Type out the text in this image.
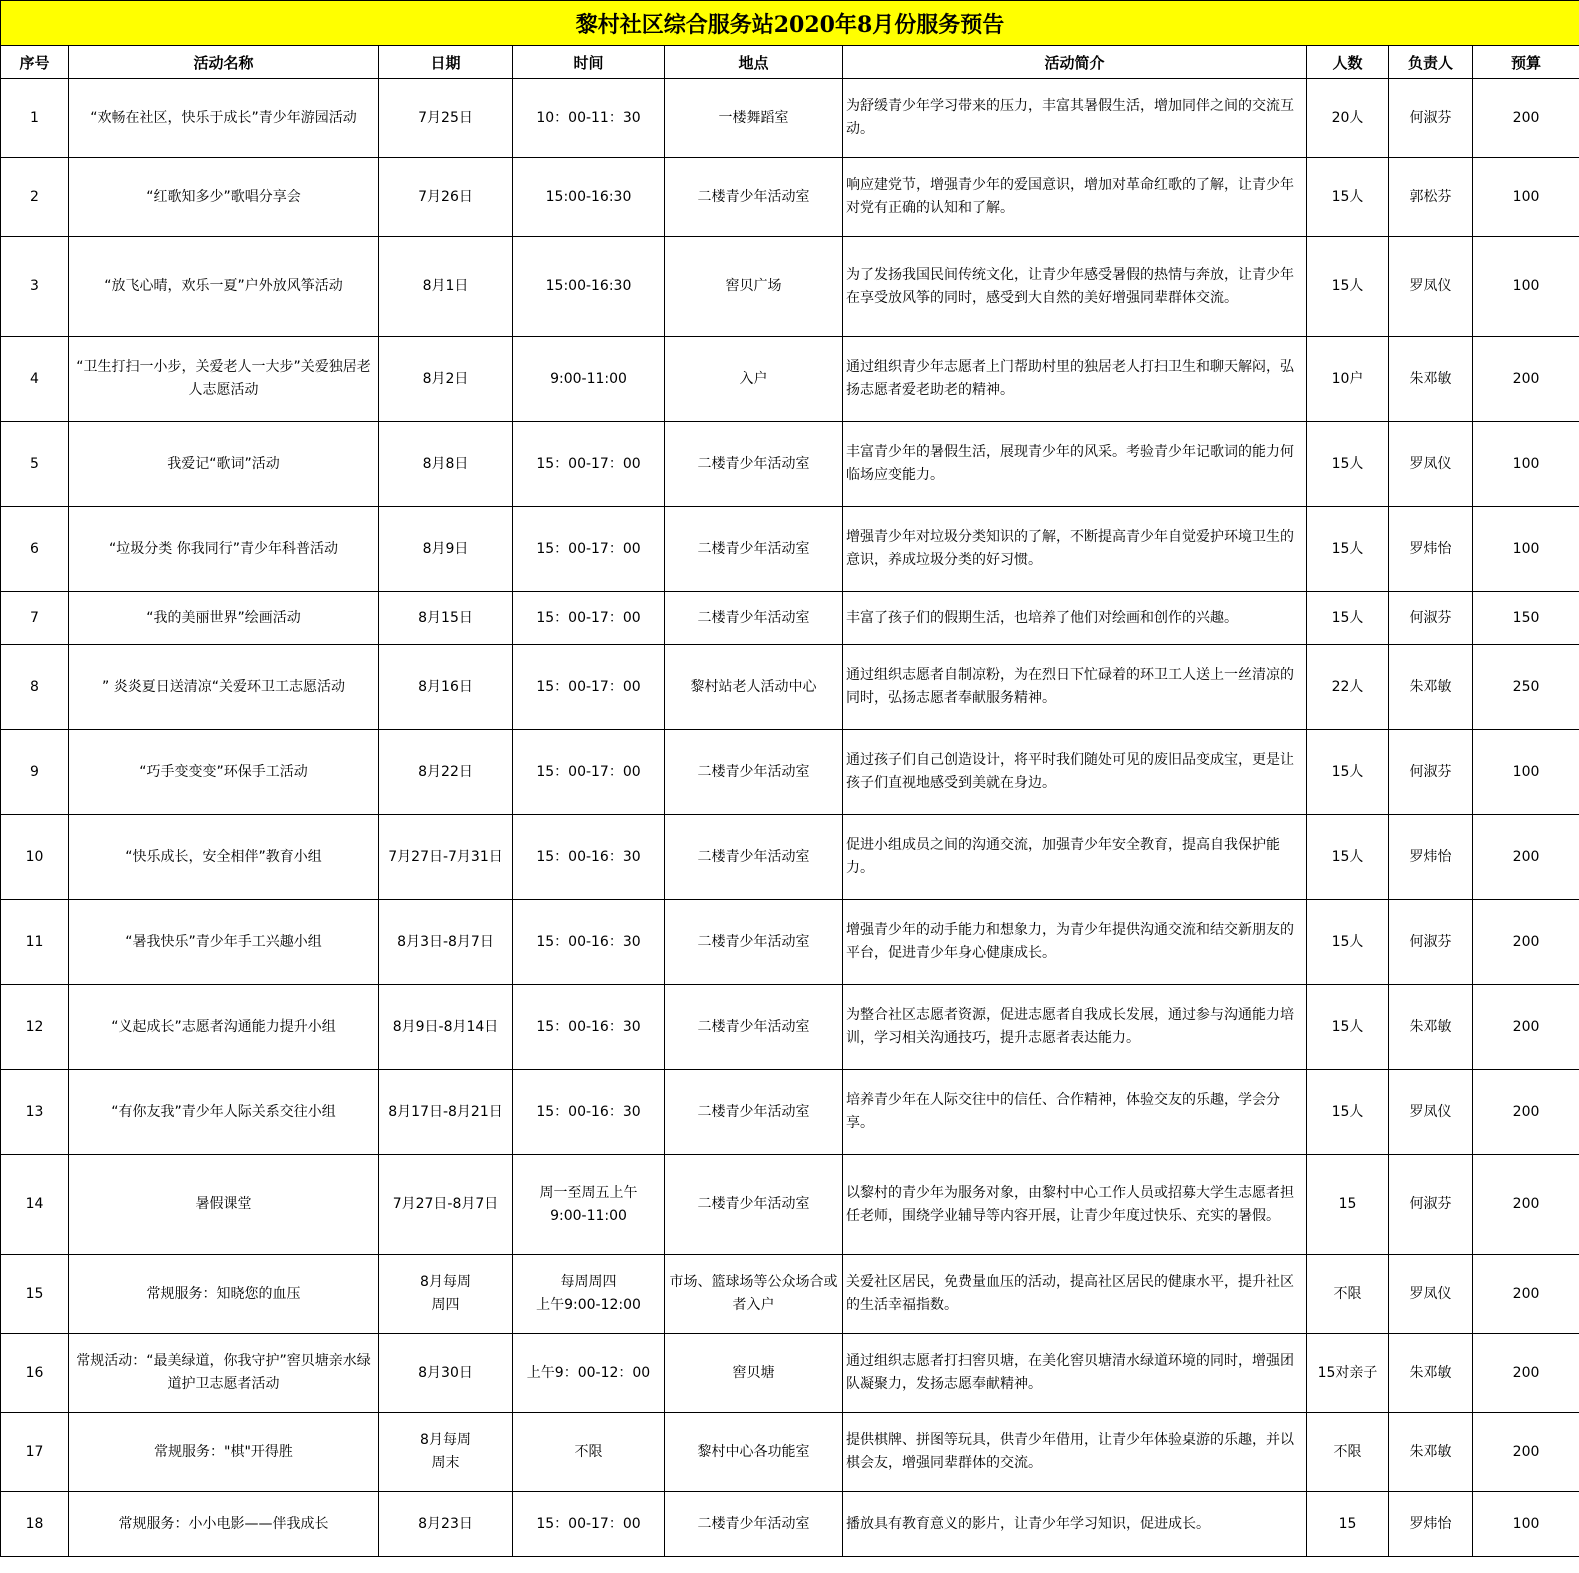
黎村社区综合服务站2020年8月份服务预告								
序号	活动名称	日期	时间	地点	活动简介	人数	负责人	预算
1	“欢畅在社区，快乐于成长”青少年游园活动	7月25日	10：00-11：30	一楼舞蹈室	为舒缓青少年学习带来的压力，丰富其暑假生活，增加同伴之间的交流互动。	20人	何淑芬	200
2	“红歌知多少”歌唱分享会	7月26日	15:00-16:30	二楼青少年活动室	响应建党节，增强青少年的爱国意识，增加对革命红歌的了解，让青少年对党有正确的认知和了解。	15人	郭松芬	100
3	“放飞心晴，欢乐一夏”户外放风筝活动	8月1日	15:00-16:30	窖贝广场	为了发扬我国民间传统文化，让青少年感受暑假的热情与奔放，让青少年在享受放风筝的同时，感受到大自然的美好增强同辈群体交流。	15人	罗凤仪	100
4	“卫生打扫一小步，关爱老人一大步”关爱独居老人志愿活动	8月2日	9:00-11:00	入户	通过组织青少年志愿者上门帮助村里的独居老人打扫卫生和聊天解闷，弘扬志愿者爱老助老的精神。	10户	朱邓敏	200
5	我爱记“歌词”活动	8月8日	15：00-17：00	二楼青少年活动室	丰富青少年的暑假生活，展现青少年的风采。考验青少年记歌词的能力何临场应变能力。	15人	罗凤仪	100
6	“垃圾分类 你我同行”青少年科普活动	8月9日	15：00-17：00	二楼青少年活动室	增强青少年对垃圾分类知识的了解，不断提高青少年自觉爱护环境卫生的意识，养成垃圾分类的好习惯。	15人	罗炜怡	100
7	“我的美丽世界”绘画活动	8月15日	15：00-17：00	二楼青少年活动室	丰富了孩子们的假期生活，也培养了他们对绘画和创作的兴趣。	15人	何淑芬	150
8	” 炎炎夏日送清凉“关爱环卫工志愿活动	8月16日	15：00-17：00	黎村站老人活动中心	通过组织志愿者自制凉粉，为在烈日下忙碌着的环卫工人送上一丝清凉的同时，弘扬志愿者奉献服务精神。	22人	朱邓敏	250
9	“巧手变变变”环保手工活动	8月22日	15：00-17：00	二楼青少年活动室	通过孩子们自己创造设计，将平时我们随处可见的废旧品变成宝，更是让孩子们直视地感受到美就在身边。	15人	何淑芬	100
10	“快乐成长，安全相伴”教育小组	7月27日-7月31日	15：00-16：30	二楼青少年活动室	促进小组成员之间的沟通交流，加强青少年安全教育，提高自我保护能力。	15人	罗炜怡	200
11	“暑我快乐”青少年手工兴趣小组	8月3日-8月7日	15：00-16：30	二楼青少年活动室	增强青少年的动手能力和想象力，为青少年提供沟通交流和结交新朋友的平台，促进青少年身心健康成长。	15人	何淑芬	200
12	“义起成长”志愿者沟通能力提升小组	8月9日-8月14日	15：00-16：30	二楼青少年活动室	为整合社区志愿者资源，促进志愿者自我成长发展，通过参与沟通能力培训，学习相关沟通技巧，提升志愿者表达能力。	15人	朱邓敏	200
13	“有你友我”青少年人际关系交往小组	8月17日-8月21日	15：00-16：30	二楼青少年活动室	培养青少年在人际交往中的信任、合作精神，体验交友的乐趣，学会分享。	15人	罗凤仪	200
14	暑假课堂	7月27日-8月7日	周一至周五上午
9:00-11:00	二楼青少年活动室	以黎村的青少年为服务对象，由黎村中心工作人员或招募大学生志愿者担任老师，围绕学业辅导等内容开展，让青少年度过快乐、充实的暑假。	15	何淑芬	200
15	常规服务：知晓您的血压	8月每周
周四	每周周四
上午9:00-12:00	市场、篮球场等公众场合或者入户	关爱社区居民，免费量血压的活动，提高社区居民的健康水平，提升社区的生活幸福指数。	不限	罗凤仪	200
16	常规活动：“最美绿道，你我守护”窖贝塘亲水绿道护卫志愿者活动	8月30日	上午9：00-12：00	窖贝塘	通过组织志愿者打扫窖贝塘，在美化窖贝塘清水绿道环境的同时，增强团队凝聚力，发扬志愿奉献精神。	15对亲子	朱邓敏	200
17	常规服务："棋"开得胜	8月每周
周末	不限	黎村中心各功能室	提供棋牌、拼图等玩具，供青少年借用，让青少年体验桌游的乐趣，并以棋会友，增强同辈群体的交流。	不限	朱邓敏	200
18	常规服务：小小电影——伴我成长	8月23日	15：00-17：00	二楼青少年活动室	播放具有教育意义的影片，让青少年学习知识，促进成长。	15	罗炜怡	100
